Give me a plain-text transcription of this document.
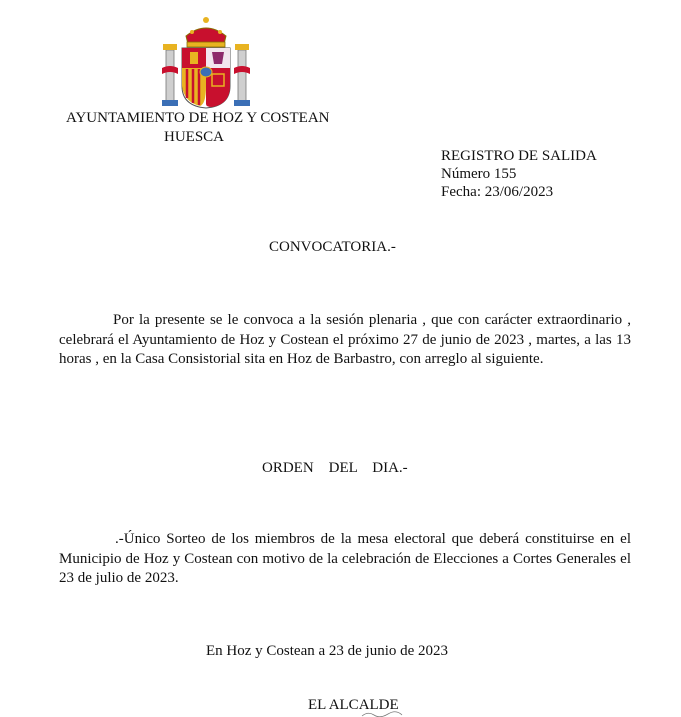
AYUNTAMIENTO DE HOZ Y COSTEAN
HUESCA
REGISTRO DE SALIDA
Número 155
Fecha: 23/06/2023
CONVOCATORIA.-
Por la presente se le convoca a la sesión plenaria , que con carácter extraordinario , celebrará el Ayuntamiento de Hoz y Costean el próximo 27 de junio de 2023 , martes, a las 13 horas , en la Casa Consistorial sita en Hoz de Barbastro, con arreglo al siguiente.
ORDEN    DEL    DIA.-
.-Único Sorteo de los miembros de la mesa electoral que deberá constituirse en el Municipio de Hoz y Costean con motivo de la celebración de Elecciones a Cortes Generales el 23 de julio de 2023.
En Hoz y Costean a 23 de junio de 2023
EL ALCALDE
